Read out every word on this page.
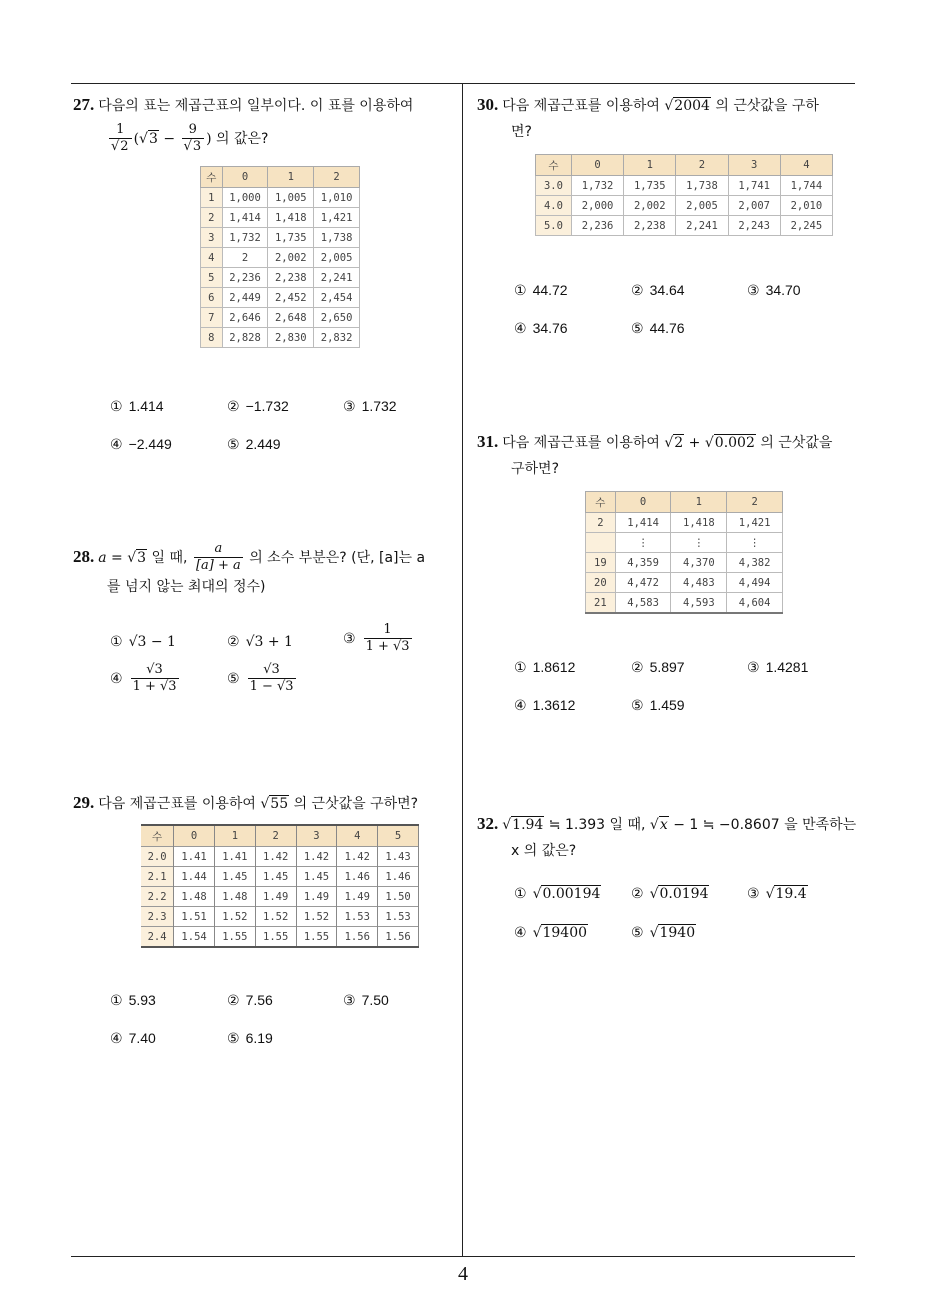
27. 다음의 표는 제곱근표의 일부이다. 이 표를 이용하여
$\frac{1}{√2} (√3 - \frac{9}{√3}$ ) 의 값은?
수	0	1	2
1	1,000	1,005	1,010
2	1,414	1,418	1,421
3	1,732	1,735	1,738
4	2	2,002	2,005
5	2,236	2,238	2,241
6	2,449	2,452	2,454
7	2,646	2,648	2,650
8	2,828	2,830	2,832
① 1.414	② −1.732	③ 1.732
④ −2.449	⑤ 2.449
28. a = √3 일 때, $\frac{a}{[a] + a}$ 의 소수 부분은? (단, [a]는 a
를 넘지 않는 최대의 정수)
① √3 − 1	② √3 + 1	③ $\frac{1}{1 + √3}$
④ $\frac{√3}{1 + √3}$	⑤ $\frac{√3}{1 - √3}$
29. 다음 제곱근표를 이용하여 √55 의 근삿값을 구하면?
수	0	1	2	3	4	5
2.0	1.41	1.41	1.42	1.42	1.42	1.43
2.1	1.44	1.45	1.45	1.45	1.46	1.46
2.2	1.48	1.48	1.49	1.49	1.49	1.50
2.3	1.51	1.52	1.52	1.52	1.53	1.53
2.4	1.54	1.55	1.55	1.55	1.56	1.56
① 5.93	② 7.56	③ 7.50
④ 7.40	⑤ 6.19
30. 다음 제곱근표를 이용하여 √2004 의 근삿값을 구하
면?
수	0	1	2	3	4
3.0	1,732	1,735	1,738	1,741	1,744
4.0	2,000	2,002	2,005	2,007	2,010
5.0	2,236	2,238	2,241	2,243	2,245
① 44.72	② 34.64	③ 34.70
④ 34.76	⑤ 44.76
31. 다음 제곱근표를 이용하여 √2 + √0.002 의 근삿값을
구하면?
수	0	1	2
2	1,414	1,418	1,421
	⋮	⋮	⋮
19	4,359	4,370	4,382
20	4,472	4,483	4,494
21	4,583	4,593	4,604
① 1.8612	② 5.897	③ 1.4281
④ 1.3612	⑤ 1.459
32. √1.94 ≒ 1.393 일 때, √x − 1 ≒ −0.8607 을 만족하는
x 의 값은?
① √0.00194 ② √0.0194	③ √19.4
④ √19400	⑤ √1940
4
